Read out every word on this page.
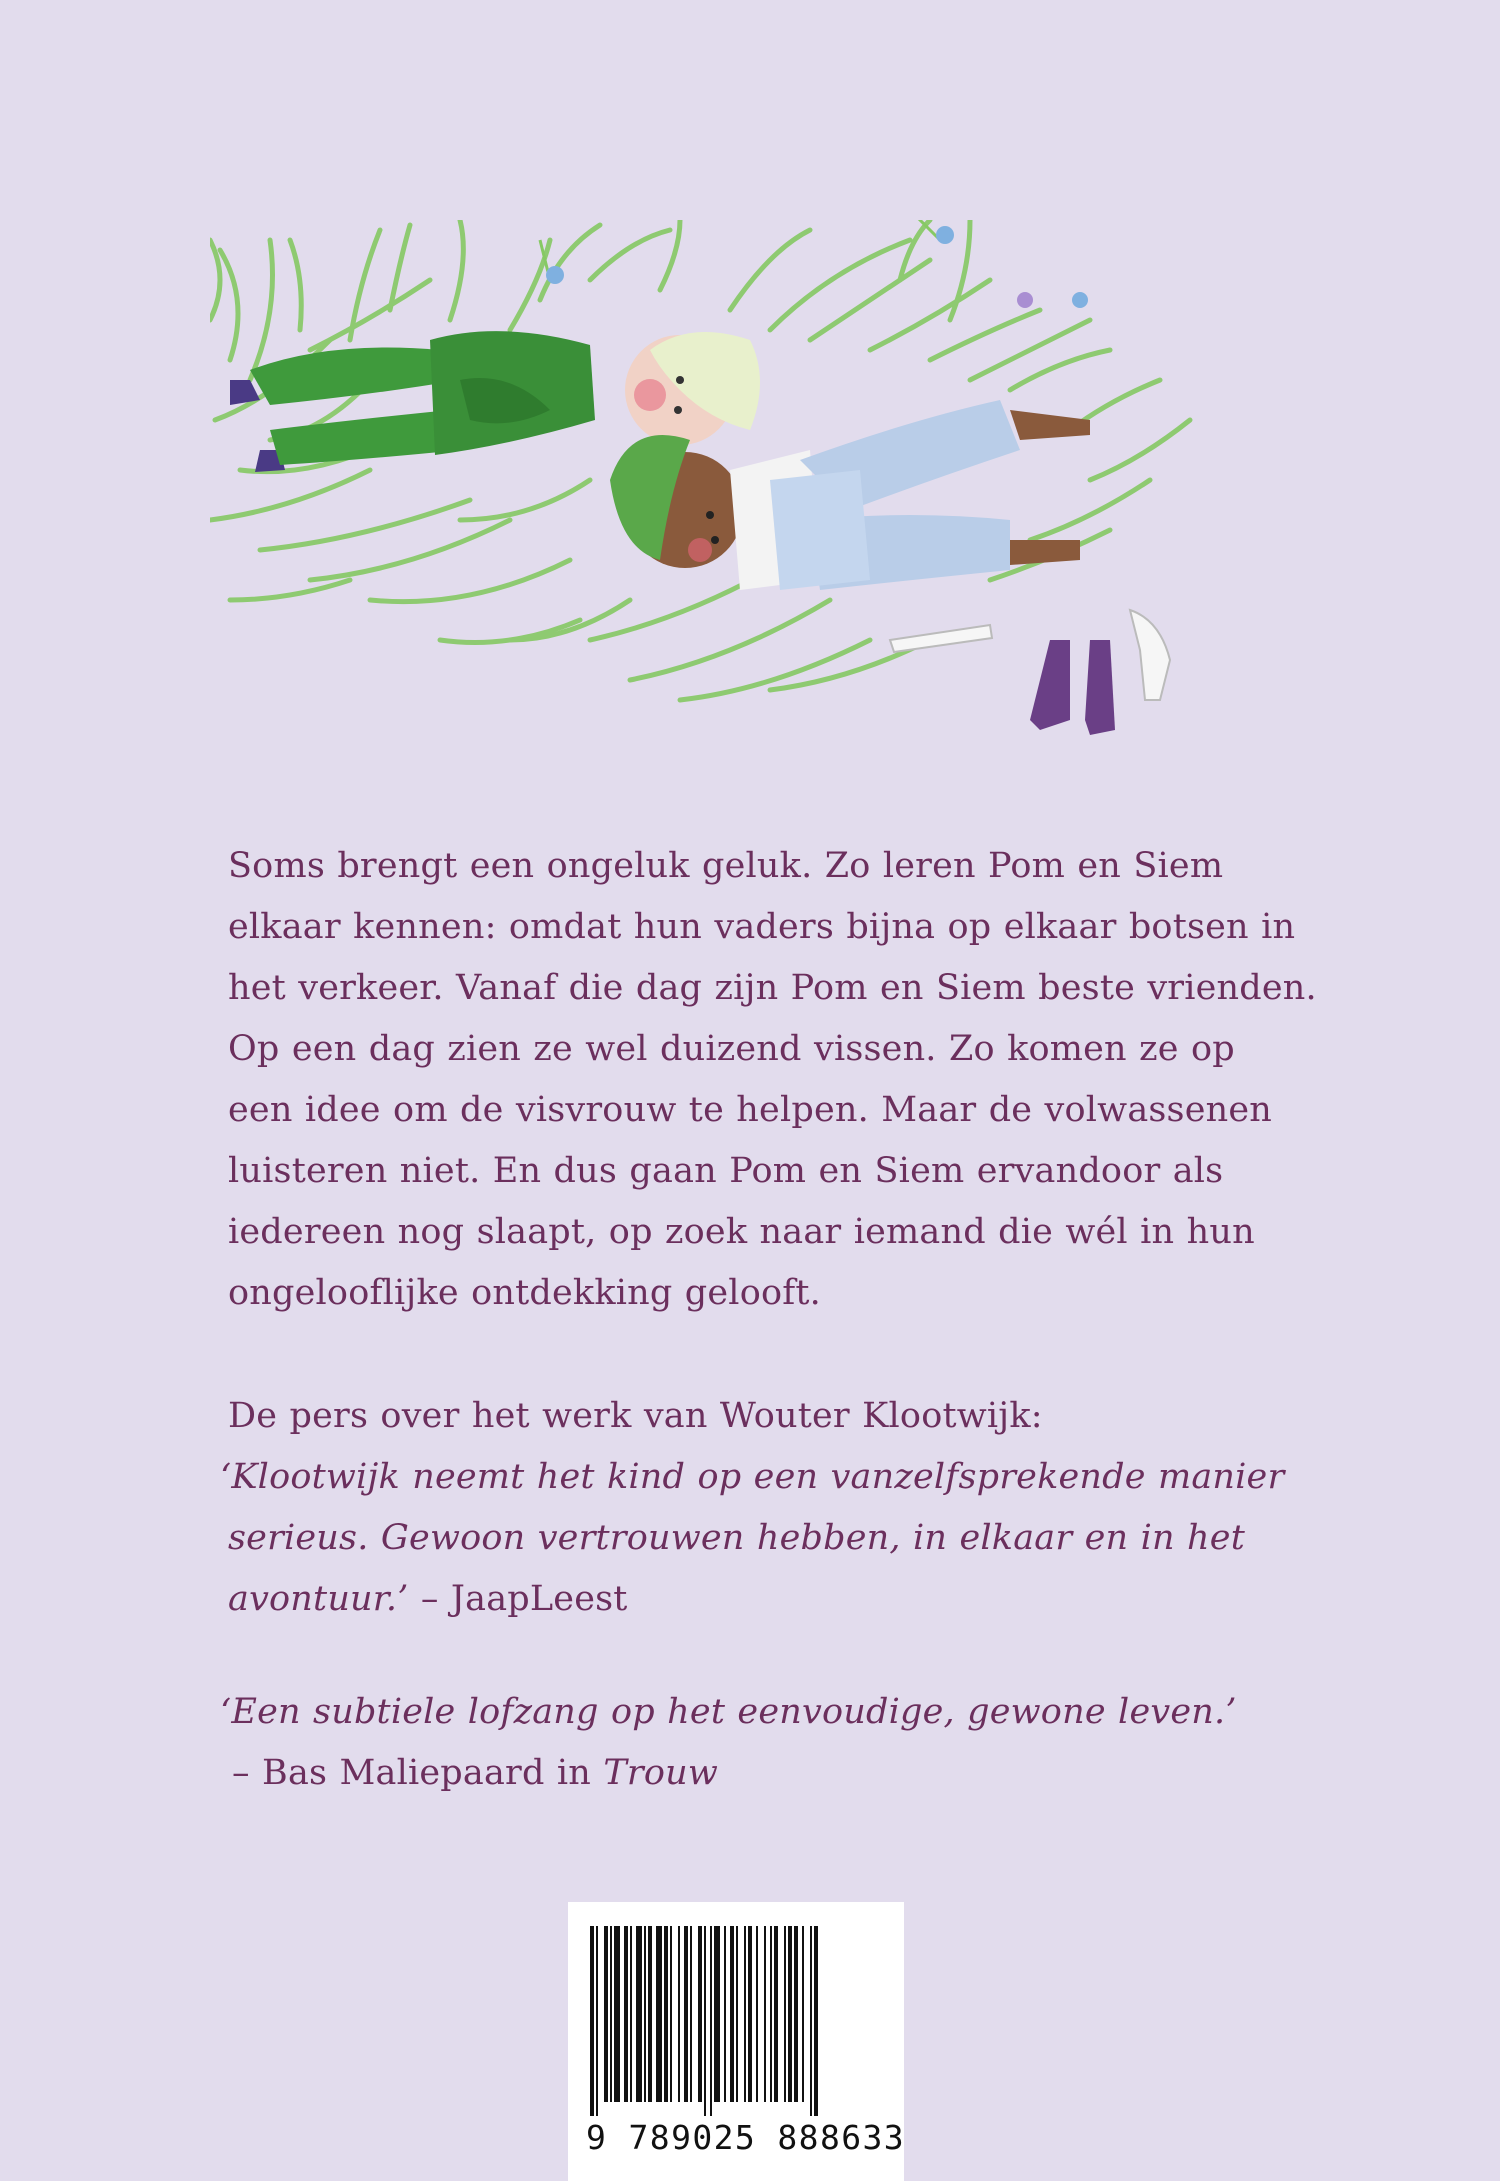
Soms brengt een ongeluk geluk. Zo leren Pom en Siem
elkaar kennen: omdat hun vaders bijna op elkaar botsen in
het verkeer. Vanaf die dag zijn Pom en Siem beste vrienden.
Op een dag zien ze wel duizend vissen. Zo komen ze op
een idee om de visvrouw te helpen. Maar de volwassenen
luisteren niet. En dus gaan Pom en Siem ervandoor als
iedereen nog slaapt, op zoek naar iemand die wél in hun
ongelooflijke ontdekking gelooft.
De pers over het werk van Wouter Klootwijk:
‘Klootwijk neemt het kind op een vanzelfsprekende manier
serieus. Gewoon vertrouwen hebben, in elkaar en in het
avontuur.’ – JaapLeest
‘Een subtiele lofzang op het eenvoudige, gewone leven.’
– Bas Maliepaard in Trouw
9 789025 888633
